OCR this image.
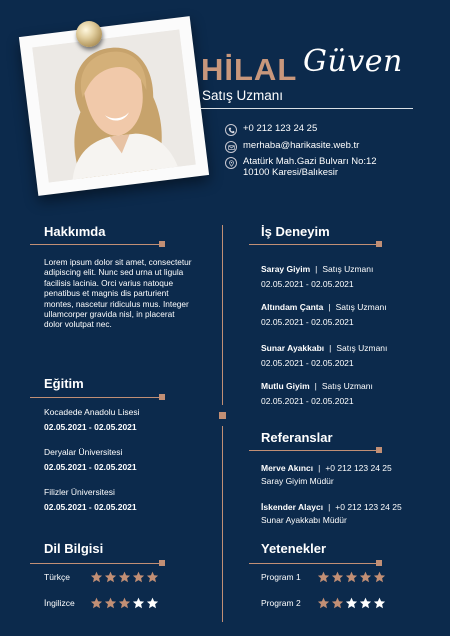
HİLAL Güven
Satış Uzmanı
+0 212 123 24 25
merhaba@harikasite.web.tr
Atatürk Mah.Gazi Bulvarı No:12
10100 Karesi/Balıkesir
Hakkımda
Lorem ipsum dolor sit amet, consectetur adipiscing elit. Nunc sed urna ut ligula facilisis lacinia. Orci varius natoque penatibus et magnis dis parturient montes, nascetur ridiculus mus. Integer ullamcorper gravida nisl, in placerat dolor volutpat nec.
Eğitim
Kocadede Anadolu Lisesi
02.05.2021 - 02.05.2021
Deryalar Üniversitesi
02.05.2021 - 02.05.2021
Filizler Üniversitesi
02.05.2021 - 02.05.2021
Dil Bilgisi
Türkçe
İngilizce
İş Deneyim
Saray Giyim | Satış Uzmanı
02.05.2021 - 02.05.2021
Altındam Çanta | Satış Uzmanı
02.05.2021 - 02.05.2021
Sunar Ayakkabı | Satış Uzmanı
02.05.2021 - 02.05.2021
Mutlu Giyim | Satış Uzmanı
02.05.2021 - 02.05.2021
Referanslar
Merve Akıncı | +0 212 123 24 25
Saray Giyim Müdür
İskender Alaycı | +0 212 123 24 25
Sunar Ayakkabı Müdür
Yetenekler
Program 1
Program 2
